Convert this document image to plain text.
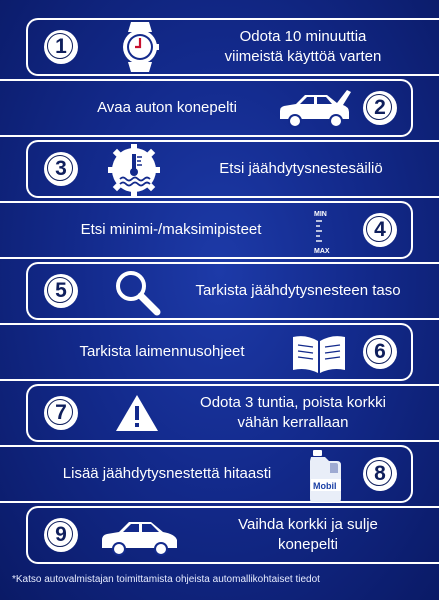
1	Odota 10 minuuttia
viimeistä käyttöä varten
Avaa auton konepelti	2
3	Etsi jäähdytysnestesäiliö
Etsi minimi-/maksimipisteet
MIN
MAX
4
5	Tarkista jäähdytysnesteen taso
Tarkista laimennusohjeet	6
7	Odota 3 tuntia, poista korkki
vähän kerrallaan
Lisää jäähdytysnestettä hitaasti
Mobil
8
9	Vaihda korkki ja sulje
konepelti
*Katso autovalmistajan toimittamista ohjeista automallikohtaiset tiedot
